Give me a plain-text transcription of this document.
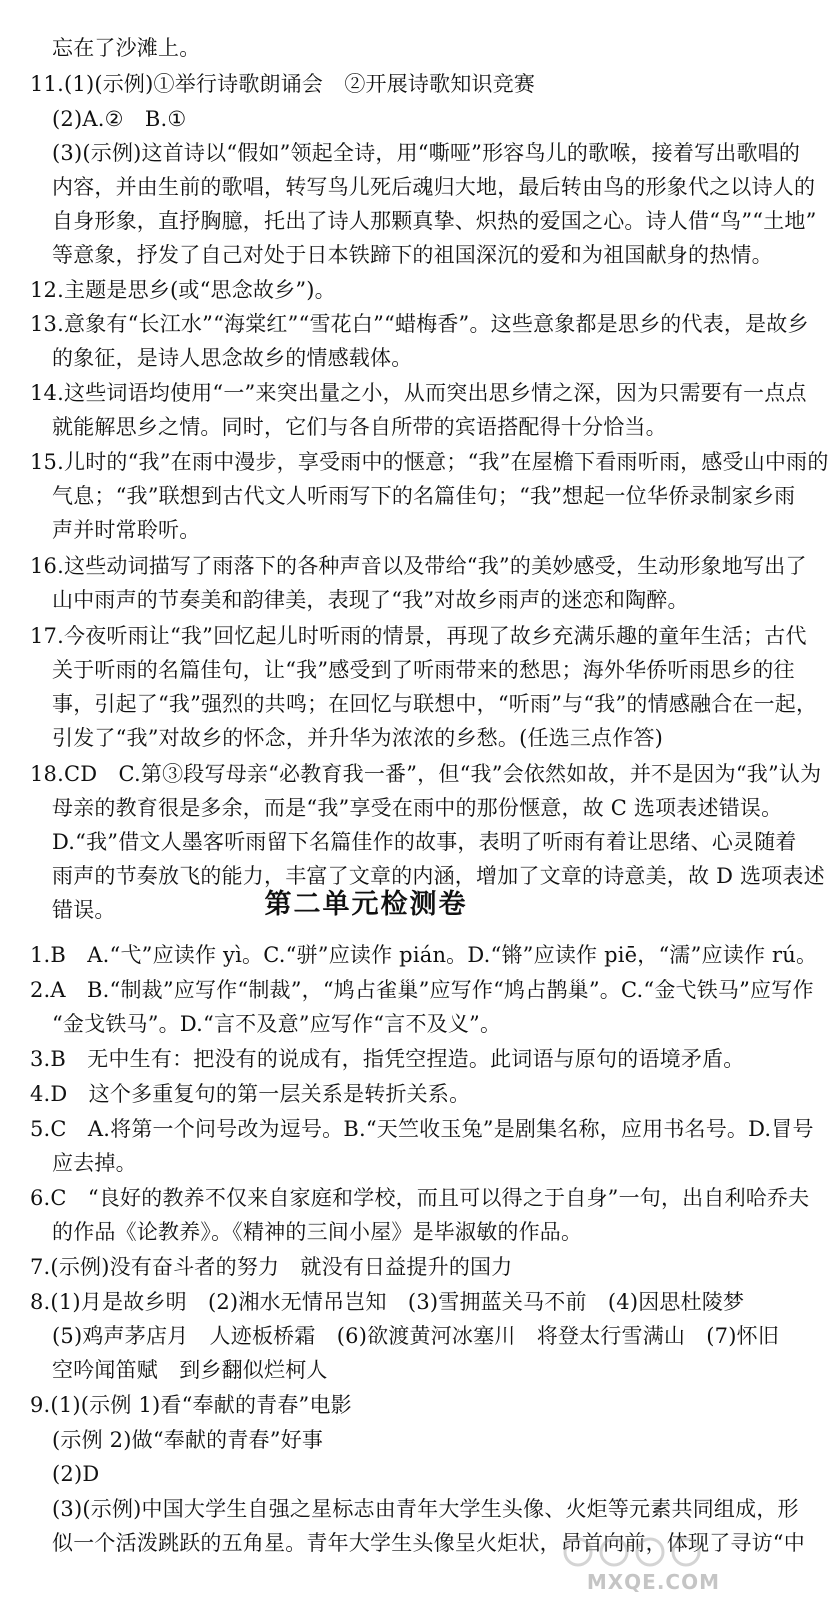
忘在了沙滩上。
11.(1)(示例)①举行诗歌朗诵会　②开展诗歌知识竞赛
(2)A.②　B.①
(3)(示例)这首诗以“假如”领起全诗，用“嘶哑”形容鸟儿的歌喉，接着写出歌唱的
内容，并由生前的歌唱，转写鸟儿死后魂归大地，最后转由鸟的形象代之以诗人的
自身形象，直抒胸臆，托出了诗人那颗真挚、炽热的爱国之心。诗人借“鸟”“土地”
等意象，抒发了自己对处于日本铁蹄下的祖国深沉的爱和为祖国献身的热情。
12.主题是思乡(或“思念故乡”)。
13.意象有“长江水”“海棠红”“雪花白”“蜡梅香”。这些意象都是思乡的代表，是故乡
的象征，是诗人思念故乡的情感载体。
14.这些词语均使用“一”来突出量之小，从而突出思乡情之深，因为只需要有一点点
就能解思乡之情。同时，它们与各自所带的宾语搭配得十分恰当。
15.儿时的“我”在雨中漫步，享受雨中的惬意；“我”在屋檐下看雨听雨，感受山中雨的
气息；“我”联想到古代文人听雨写下的名篇佳句；“我”想起一位华侨录制家乡雨
声并时常聆听。
16.这些动词描写了雨落下的各种声音以及带给“我”的美妙感受，生动形象地写出了
山中雨声的节奏美和韵律美，表现了“我”对故乡雨声的迷恋和陶醉。
17.今夜听雨让“我”回忆起儿时听雨的情景，再现了故乡充满乐趣的童年生活；古代
关于听雨的名篇佳句，让“我”感受到了听雨带来的愁思；海外华侨听雨思乡的往
事，引起了“我”强烈的共鸣；在回忆与联想中，“听雨”与“我”的情感融合在一起，
引发了“我”对故乡的怀念，并升华为浓浓的乡愁。(任选三点作答)
18.CD　C.第③段写母亲“必教育我一番”，但“我”会依然如故，并不是因为“我”认为
母亲的教育很是多余，而是“我”享受在雨中的那份惬意，故 C 选项表述错误。
D.“我”借文人墨客听雨留下名篇佳作的故事，表明了听雨有着让思绪、心灵随着
雨声的节奏放飞的能力，丰富了文章的内涵，增加了文章的诗意美，故 D 选项表述
错误。	第二单元检测卷
1.B　A.“弋”应读作 yì。C.“骈”应读作 pián。D.“锵”应读作 piē，“濡”应读作 rú。
2.A　B.“制裁”应写作“制裁”，“鸠占雀巢”应写作“鸠占鹊巢”。C.“金弋铁马”应写作
“金戈铁马”。D.“言不及意”应写作“言不及义”。
3.B　无中生有：把没有的说成有，指凭空捏造。此词语与原句的语境矛盾。
4.D　这个多重复句的第一层关系是转折关系。
5.C　A.将第一个问号改为逗号。B.“天竺收玉兔”是剧集名称，应用书名号。D.冒号
应去掉。
6.C　“良好的教养不仅来自家庭和学校，而且可以得之于自身”一句，出自利哈乔夫
的作品《论教养》。《精神的三间小屋》是毕淑敏的作品。
7.(示例)没有奋斗者的努力　就没有日益提升的国力
8.(1)月是故乡明　(2)湘水无情吊岂知　(3)雪拥蓝关马不前　(4)因思杜陵梦
(5)鸡声茅店月　人迹板桥霜　(6)欲渡黄河冰塞川　将登太行雪满山　(7)怀旧
空吟闻笛赋　到乡翻似烂柯人
9.(1)(示例 1)看“奉献的青春”电影
(示例 2)做“奉献的青春”好事
(2)D
(3)(示例)中国大学生自强之星标志由青年大学生头像、火炬等元素共同组成，形
似一个活泼跳跃的五角星。青年大学生头像呈火炬状，昂首向前，体现了寻访“中
MXQE.COM
